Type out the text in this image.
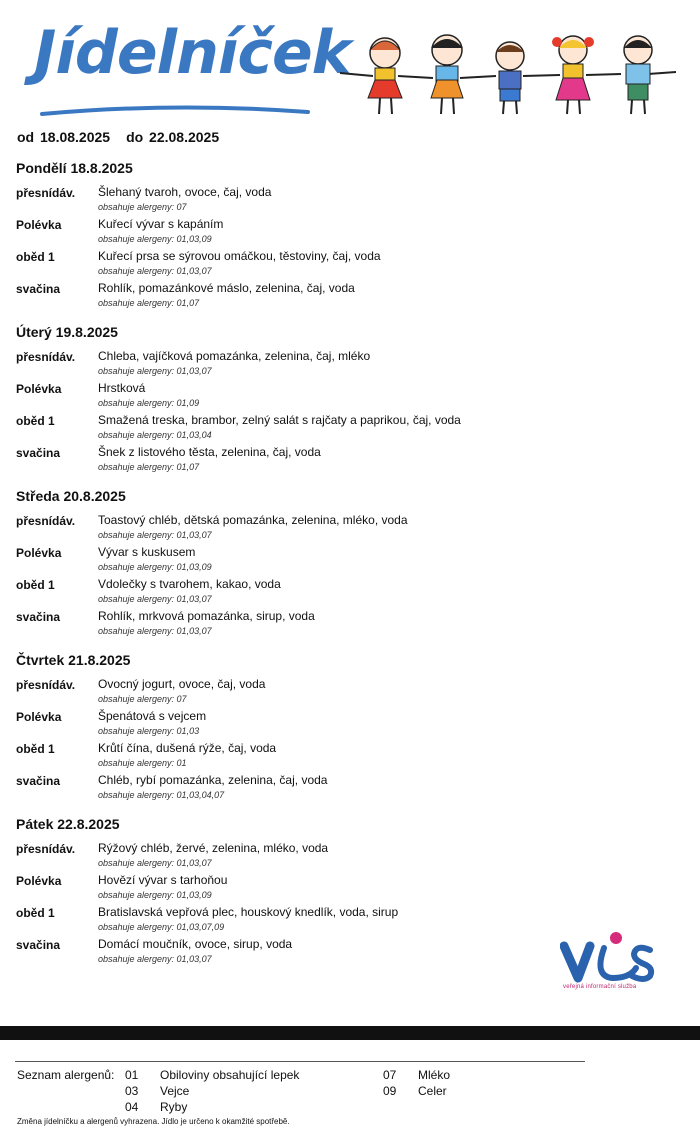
Jídelníček
od 18.08.2025 do 22.08.2025
Pondělí 18.8.2025
přesnídáv. Šlehaný tvaroh, ovoce, čaj, voda
obsahuje alergeny: 07
Polévka	Kuřecí vývar s kapáním
obsahuje alergeny: 01,03,09
oběd 1	Kuřecí prsa se sýrovou omáčkou, těstoviny, čaj, voda
obsahuje alergeny: 01,03,07
svačina	Rohlík, pomazánkové máslo, zelenina, čaj, voda
obsahuje alergeny: 01,07
Úterý 19.8.2025
přesnídáv. Chleba, vajíčková pomazánka, zelenina, čaj, mléko
obsahuje alergeny: 01,03,07
Polévka	Hrstková
obsahuje alergeny: 01,09
oběd 1	Smažená treska, brambor, zelný salát s rajčaty a paprikou, čaj, voda
obsahuje alergeny: 01,03,04
svačina	Šnek z listového těsta, zelenina, čaj, voda
obsahuje alergeny: 01,07
Středa 20.8.2025
přesnídáv. Toastový chléb, dětská pomazánka, zelenina, mléko, voda
obsahuje alergeny: 01,03,07
Polévka	Vývar s kuskusem
obsahuje alergeny: 01,03,09
oběd 1	Vdolečky s tvarohem, kakao, voda
obsahuje alergeny: 01,03,07
svačina	Rohlík, mrkvová pomazánka, sirup, voda
obsahuje alergeny: 01,03,07
Čtvrtek 21.8.2025
přesnídáv. Ovocný jogurt, ovoce, čaj, voda
obsahuje alergeny: 07
Polévka	Špenátová s vejcem
obsahuje alergeny: 01,03
oběd 1	Krůtí čína, dušená rýže, čaj, voda
obsahuje alergeny: 01
svačina	Chléb, rybí pomazánka, zelenina, čaj, voda
obsahuje alergeny: 01,03,04,07
Pátek 22.8.2025
přesnídáv. Rýžový chléb, žervé, zelenina, mléko, voda
obsahuje alergeny: 01,03,07
Polévka	Hovězí vývar s tarhoňou
obsahuje alergeny: 01,03,09
oběd 1	Bratislavská vepřová plec, houskový knedlík, voda, sirup
obsahuje alergeny: 01,03,07,09
svačina	Domácí moučník, ovoce, sirup, voda
obsahuje alergeny: 01,03,07
veřejná informační služba
Seznam alergenů: 01 Obiloviny obsahující lepek
03 Vejce
04 Ryby
07 Mléko
09 Celer
Změna jídelníčku a alergenů vyhrazena. Jídlo je určeno k okamžité spotřebě.
